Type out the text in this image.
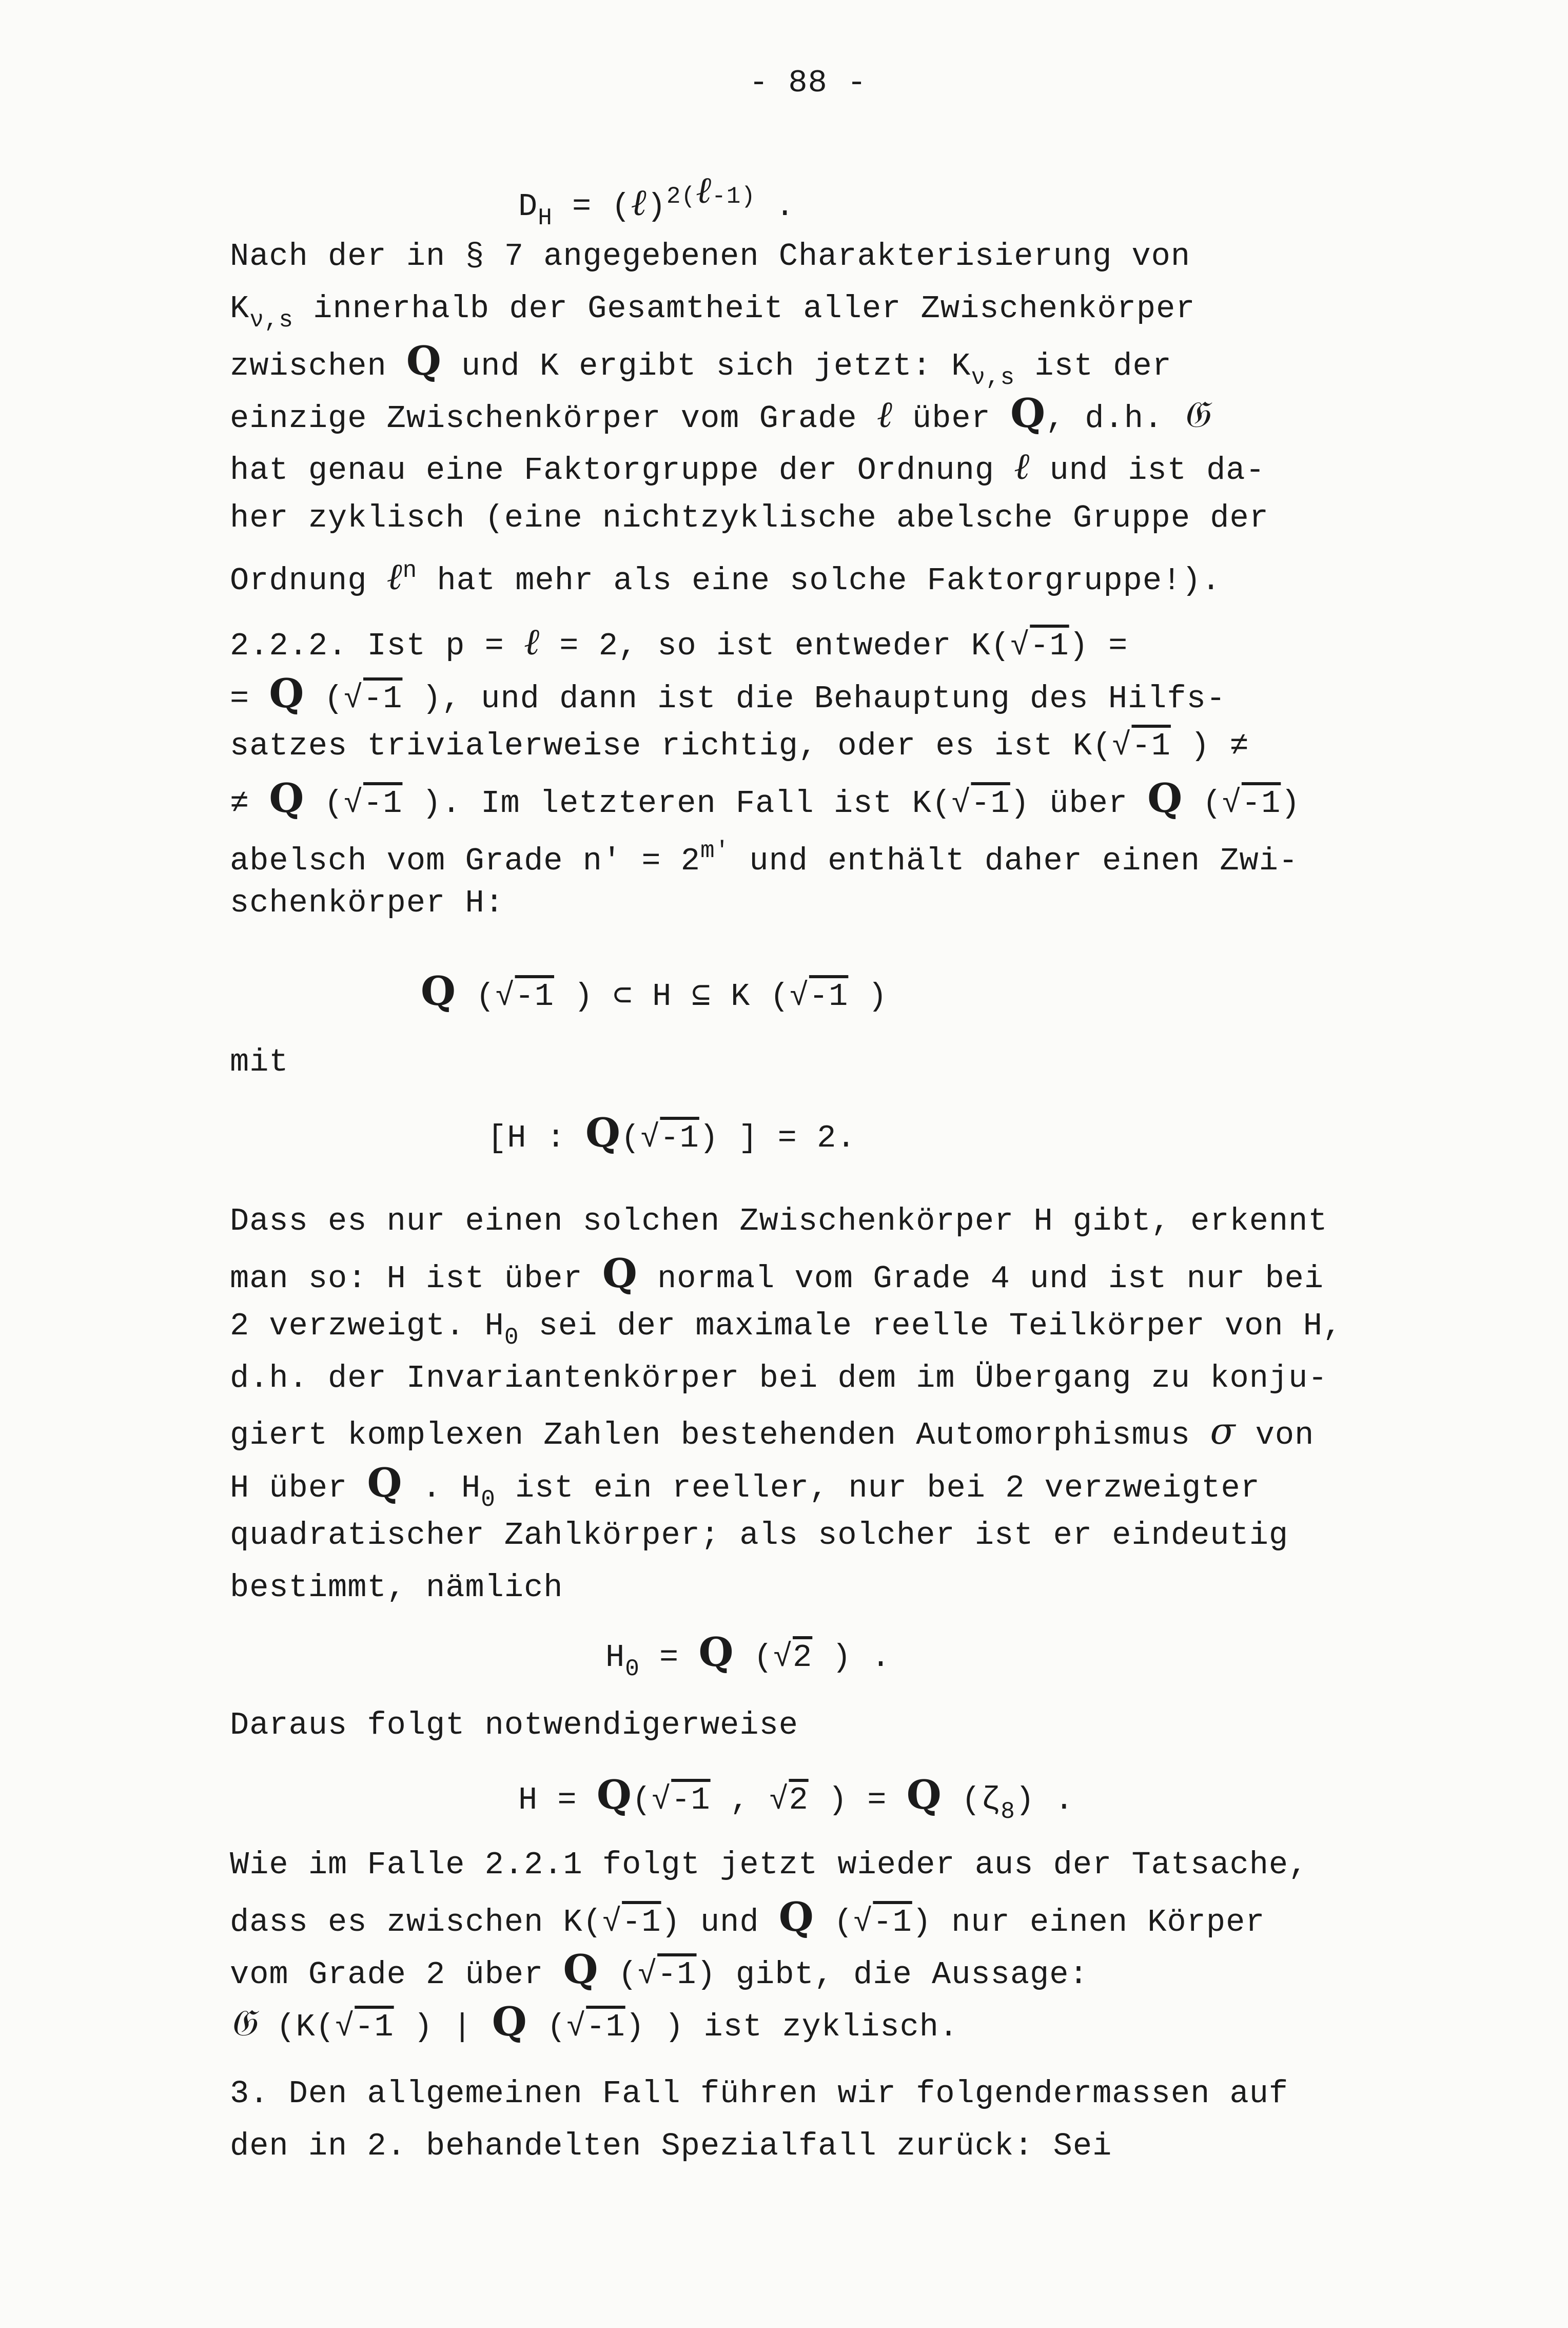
- 88 -
$D_H$ = (ℓ)$^{2(\ell-1)}$ .
Nach der in § 7 angegebenen Charakterisierung von
$K_{\nu,s}$ innerhalb der Gesamtheit aller Zwischenkörper
zwischen Q und K ergibt sich jetzt: $K_{\nu,s}$ ist der
einzige Zwischenkörper vom Grade ℓ über Q, d.h. 𝔊
hat genau eine Faktorgruppe der Ordnung ℓ und ist da-
her zyklisch (eine nichtzyklische abelsche Gruppe der
Ordnung ℓ$^n$ hat mehr als eine solche Faktorgruppe!).
2.2.2. Ist p = ℓ = 2, so ist entweder K(√-1) =
= Q (√-1 ), und dann ist die Behauptung des Hilfs-
satzes trivialerweise richtig, oder es ist K(√-1 ) ≠
≠ Q (√-1 ). Im letzteren Fall ist K(√-1) über Q (√-1)
abelsch vom Grade $n' = 2^{m'}$ und enthält daher einen Zwi-
schenkörper H:
Q (√-1 ) ⊂ H ⊆ K (√-1 )
mit
[H : Q(√-1) ] = 2.
Dass es nur einen solchen Zwischenkörper H gibt, erkennt
man so: H ist über Q normal vom Grade 4 und ist nur bei
2 verzweigt. $H_0$ sei der maximale reelle Teilkörper von H,
d.h. der Invariantenkörper bei dem im Übergang zu konju-
giert komplexen Zahlen bestehenden Automorphismus σ von
H über Q . $H_0$ ist ein reeller, nur bei 2 verzweigter
quadratischer Zahlkörper; als solcher ist er eindeutig
bestimmt, nämlich
$H_0 = Q$ (√2 ) .
Daraus folgt notwendigerweise
H = Q(√-1 , √2 ) = Q $(\zeta_8)$ .
Wie im Falle 2.2.1 folgt jetzt wieder aus der Tatsache,
dass es zwischen K(√-1) und Q (√-1) nur einen Körper
vom Grade 2 über Q (√-1) gibt, die Aussage:
𝔊 (K(√-1 ) | Q (√-1) ) ist zyklisch.
3. Den allgemeinen Fall führen wir folgendermassen auf
den in 2. behandelten Spezialfall zurück: Sei
